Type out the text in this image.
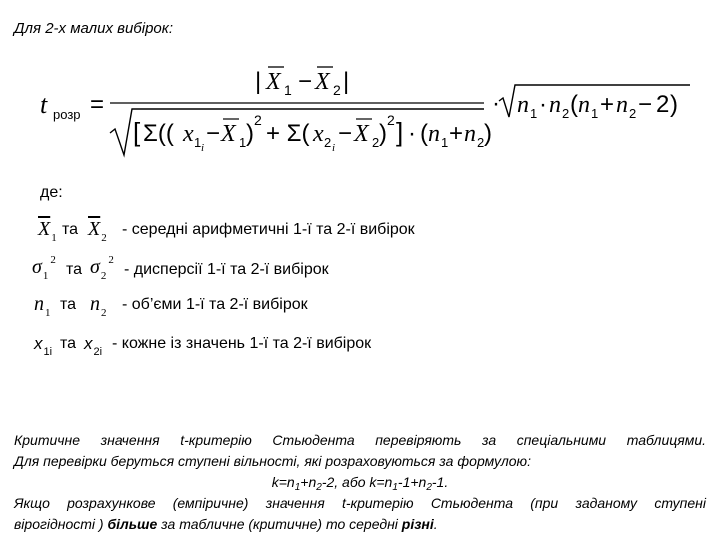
Для 2-х малих вибірок:
t розр =
| X 1 − X 2 |
[ Σ(( x 1 i
− X 1 ) 2 + Σ( x 2 i
− X 2 ) 2 ] · ( n 1 + n 2 )
· n 1 · n 2 ( n 1 + n 2 − 2 )
де:
$\overline{X}_1$ та $\overline{X}_2$ - середні арифметичні 1-ї та 2-ї вибірок
$\sigma_1^2$
та $\sigma_2^2$
- дисперсії 1-ї та 2-ї вибірок
$n_1$ та $n_2$ - об’єми 1-ї та 2-ї вибірок
$x_{1i}$ та $x_{2i}$ - кожне із значень 1-ї та 2-ї вибірок
Критичне значення t-критерію Стьюдента перевіряють за спеціальними таблицями.
Для перевірки беруться ступені вільності, які розраховуються за формулою:
$k=n_1+n_2-2$, або $k=n_1-1+n_2-1$.
Якщо розрахункове (емпіричне) значення t-критерію Стьюдента (при заданому ступені
вірогідності ) більше за табличне (критичне) то середні різні.
